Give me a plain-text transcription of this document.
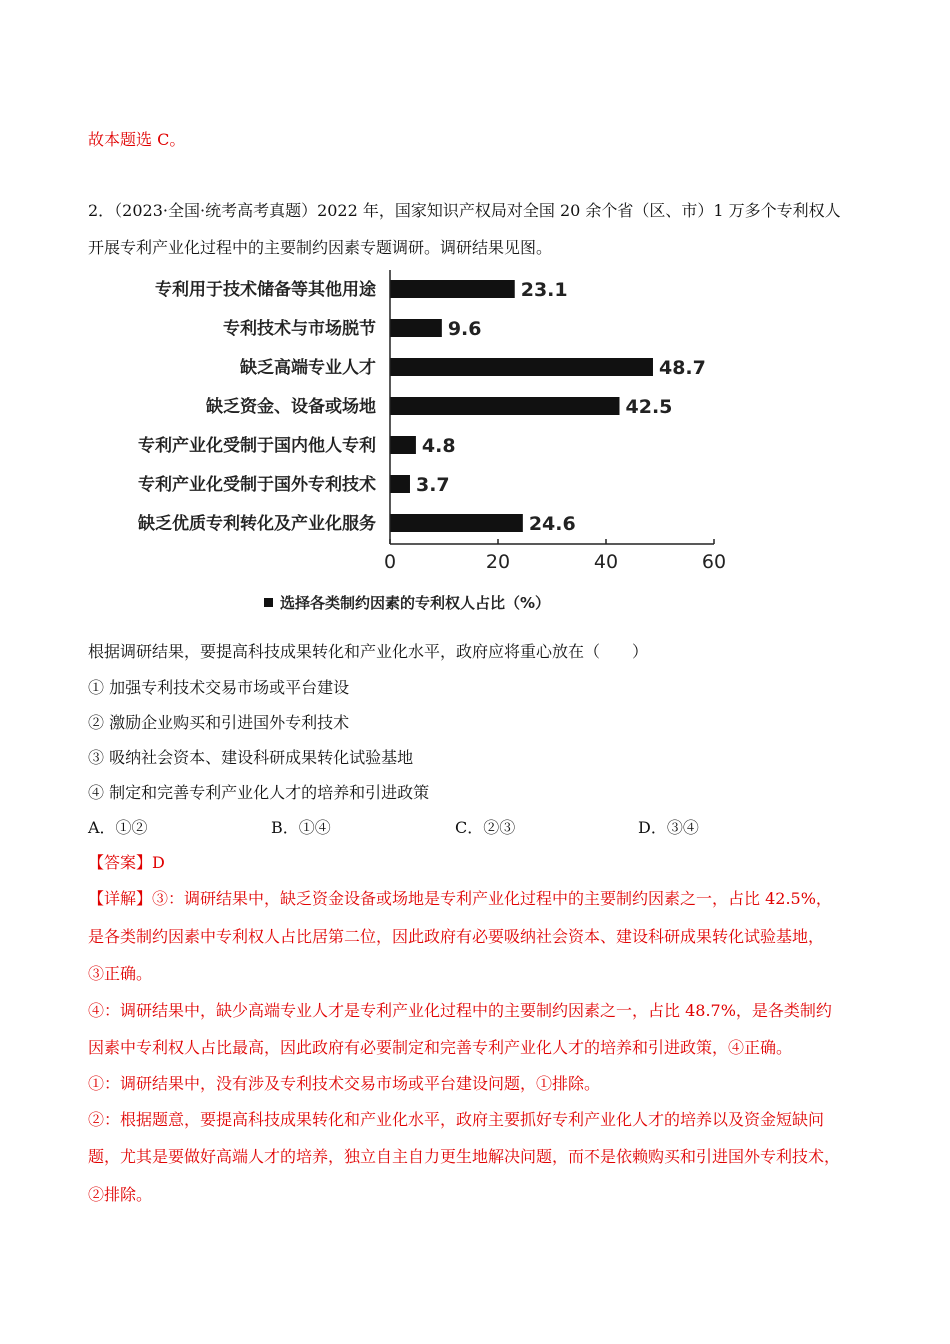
故本题选 C。
2．（2023·全国·统考高考真题）2022 年，国家知识产权局对全国 20 余个省（区、市）1 万多个专利权人
开展专利产业化过程中的主要制约因素专题调研。调研结果见图。
专利用于技术储备等其他用途
专利技术与市场脱节
缺乏高端专业人才
缺乏资金、设备或场地
专利产业化受制于国内他人专利
专利产业化受制于国外专利技术
缺乏优质专利转化及产业化服务
23.1
9.6
48.7
42.5
4.8
3.7
24.6
0	20	40	60
选择各类制约因素的专利权人占比（%）
根据调研结果，要提高科技成果转化和产业化水平，政府应将重心放在（　　）
① 加强专利技术交易市场或平台建设
② 激励企业购买和引进国外专利技术
③ 吸纳社会资本、建设科研成果转化试验基地
④ 制定和完善专利产业化人才的培养和引进政策
A．①②	B．①④	C．②③	D．③④
【答案】D
【详解】③：调研结果中，缺乏资金设备或场地是专利产业化过程中的主要制约因素之一，占比 42.5%，
是各类制约因素中专利权人占比居第二位，因此政府有必要吸纳社会资本、建设科研成果转化试验基地，
③正确。
④：调研结果中，缺少高端专业人才是专利产业化过程中的主要制约因素之一，占比 48.7%，是各类制约
因素中专利权人占比最高，因此政府有必要制定和完善专利产业化人才的培养和引进政策，④正确。
①：调研结果中，没有涉及专利技术交易市场或平台建设问题，①排除。
②：根据题意，要提高科技成果转化和产业化水平，政府主要抓好专利产业化人才的培养以及资金短缺问
题，尤其是要做好高端人才的培养，独立自主自力更生地解决问题，而不是依赖购买和引进国外专利技术，
②排除。
